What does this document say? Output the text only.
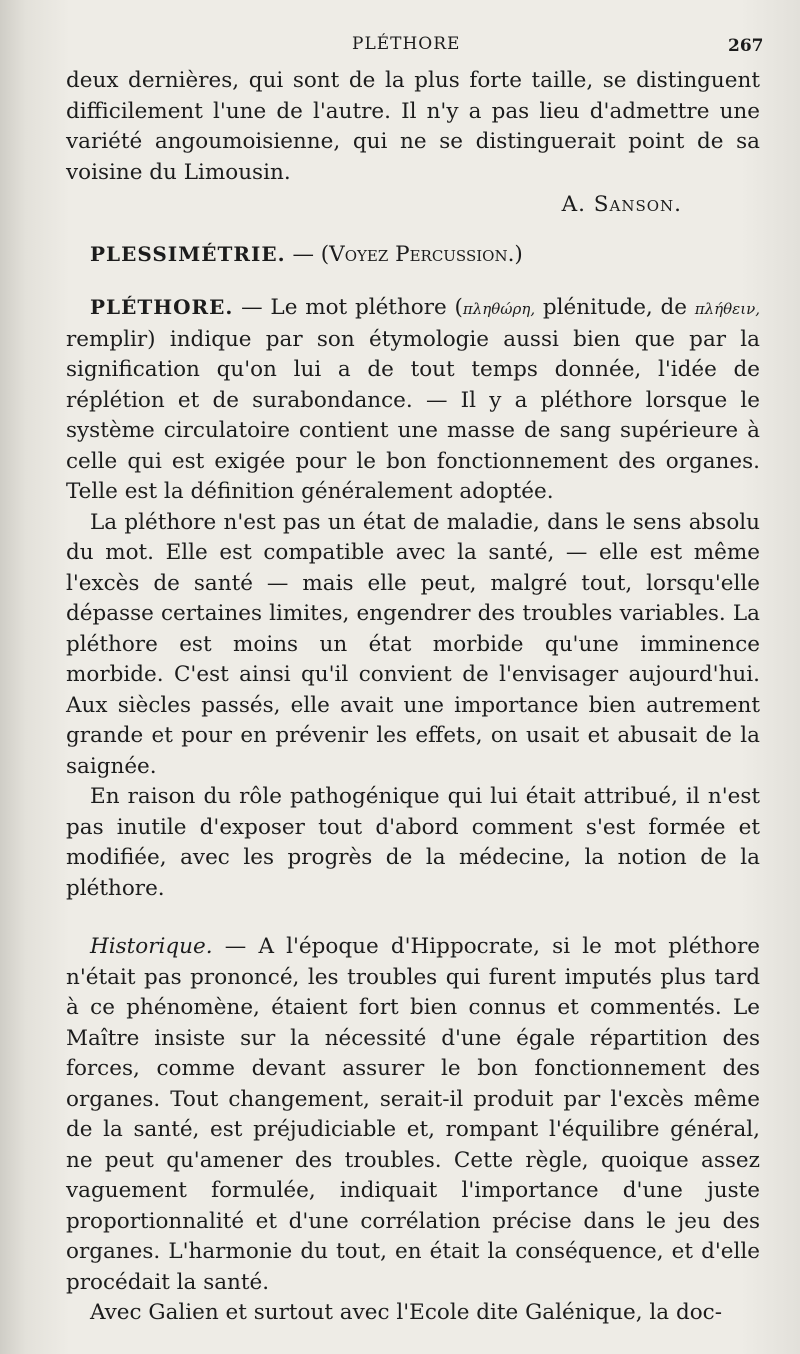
PLÉTHORE	267

deux dernières, qui sont de la plus forte taille, se distinguent difficilement l'une de l'autre. Il n'y a pas lieu d'admettre une variété angoumoisienne, qui ne se distinguerait point de sa voisine du Limousin.

A. Sanson.

PLESSIMÉTRIE. — (Voyez Percussion.)

PLÉTHORE. — Le mot pléthore (πληθώρη, plénitude, de πλήθειν, remplir) indique par son étymologie aussi bien que par la signification qu'on lui a de tout temps donnée, l'idée de réplétion et de surabondance. — Il y a pléthore lorsque le système circulatoire contient une masse de sang supérieure à celle qui est exigée pour le bon fonctionnement des organes. Telle est la définition généralement adoptée.

La pléthore n'est pas un état de maladie, dans le sens absolu du mot. Elle est compatible avec la santé, — elle est même l'excès de santé — mais elle peut, malgré tout, lorsqu'elle dépasse certaines limites, engendrer des troubles variables. La pléthore est moins un état morbide qu'une imminence morbide. C'est ainsi qu'il convient de l'envisager aujourd'hui. Aux siècles passés, elle avait une importance bien autrement grande et pour en prévenir les effets, on usait et abusait de la saignée.

En raison du rôle pathogénique qui lui était attribué, il n'est pas inutile d'exposer tout d'abord comment s'est formée et modifiée, avec les progrès de la médecine, la notion de la pléthore.

Historique. — A l'époque d'Hippocrate, si le mot pléthore n'était pas prononcé, les troubles qui furent imputés plus tard à ce phénomène, étaient fort bien connus et commentés. Le Maître insiste sur la nécessité d'une égale répartition des forces, comme devant assurer le bon fonctionnement des organes. Tout changement, serait-il produit par l'excès même de la santé, est préjudiciable et, rompant l'équilibre général, ne peut qu'amener des troubles. Cette règle, quoique assez vaguement formulée, indiquait l'importance d'une juste proportionnalité et d'une corrélation précise dans le jeu des organes. L'harmonie du tout, en était la conséquence, et d'elle procédait la santé.

Avec Galien et surtout avec l'Ecole dite Galénique, la doc-
